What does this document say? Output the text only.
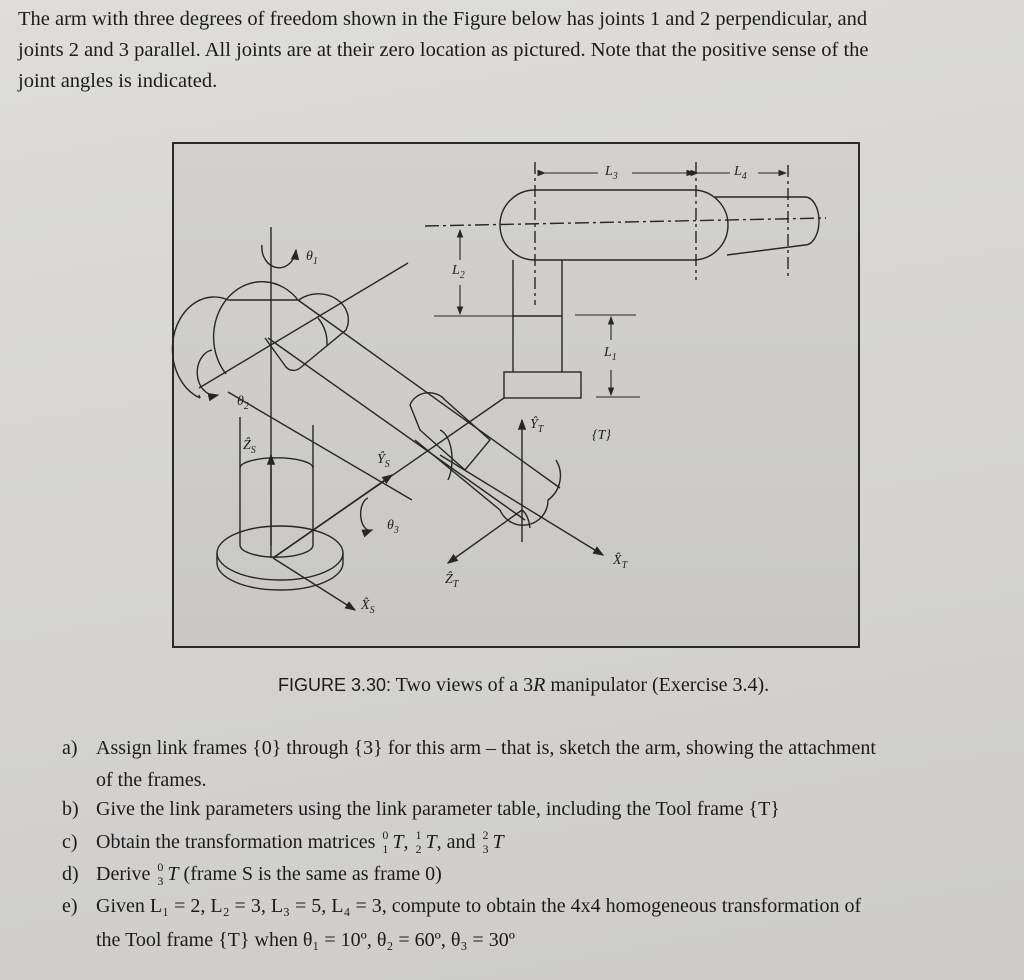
The arm with three degrees of freedom shown in the Figure below has joints 1 and 2 perpendicular, and
joints 2 and 3 parallel. All joints are at their zero location as pictured. Note that the positive sense of the
joint angles is indicated.
$\theta_1$
$\theta_2$
$\theta_3$
Ẑ$_S$
$Ŷ_S$
$X̂_S$
$Ŷ_T$
$X̂_T$
Ẑ$_T$
{T}
$L_1$
$L_2$
$L_3$	$L_4$
FIGURE 3.30: Two views of a 3R manipulator (Exercise 3.4).
a) Assign link frames {0} through {3} for this arm – that is, sketch the arm, showing the attachment
of the frames.
b) Give the link parameters using the link parameter table, including the Tool frame {T}
c) Obtain the transformation matrices 0
1 T, 1
2 T, and 2
3 T
d) Derive 0
3 T (frame S is the same as frame 0)
e) Given L₁ = 2, L₂ = 3, L₃ = 5, L₄ = 3, compute to obtain the 4x4 homogeneous transformation of
the Tool frame {T} when θ₁ = 10º, θ₂ = 60º, θ₃ = 30º
